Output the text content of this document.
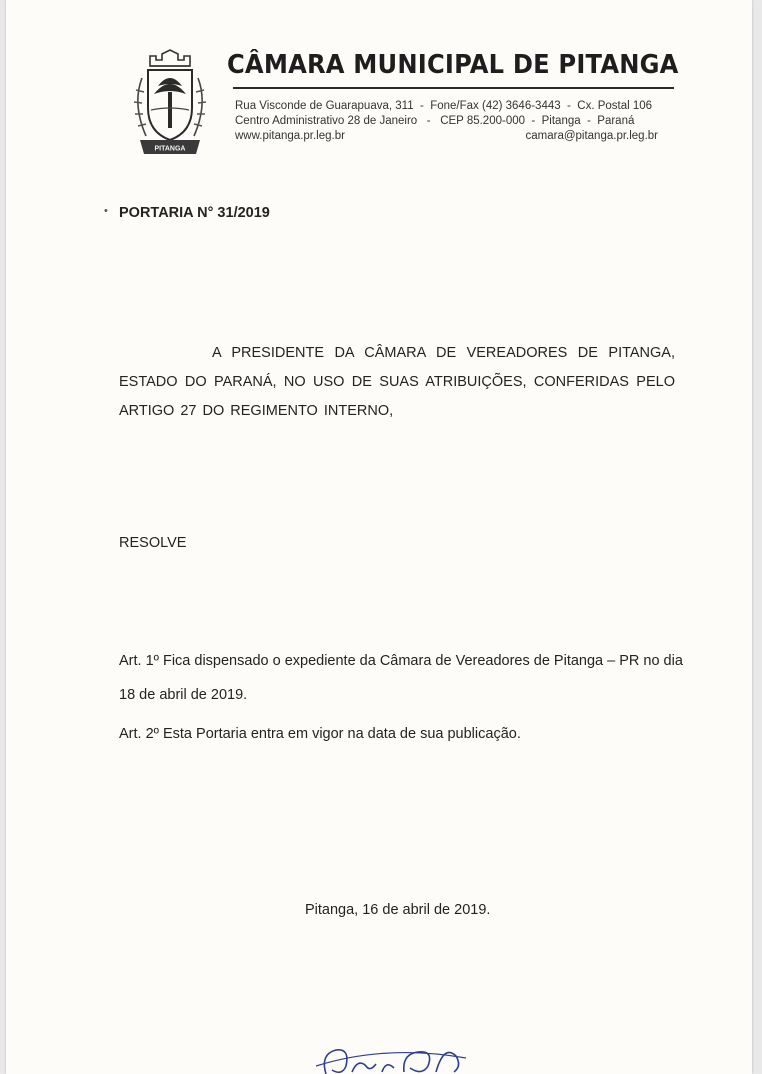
PITANGA
CÂMARA MUNICIPAL DE PITANGA
Rua Visconde de Guarapuava, 311  -  Fone/Fax (42) 3646-3443  -  Cx. Postal 106
Centro Administrativo 28 de Janeiro   -   CEP 85.200-000  -  Pitanga  -  Paraná
www.pitanga.pr.leg.br	camara@pitanga.pr.leg.br
• PORTARIA N° 31/2019

A PRESIDENTE DA CÂMARA DE VEREADORES DE PITANGA, ESTADO DO PARANÁ, NO USO DE SUAS ATRIBUIÇÕES, CONFERIDAS PELO ARTIGO 27 DO REGIMENTO INTERNO,

RESOLVE
Art. 1º Fica dispensado o expediente da Câmara de Vereadores de Pitanga – PR no dia
18 de abril de 2019.
Art. 2º Esta Portaria entra em vigor na data de sua publicação.
Pitanga, 16 de abril de 2019.
